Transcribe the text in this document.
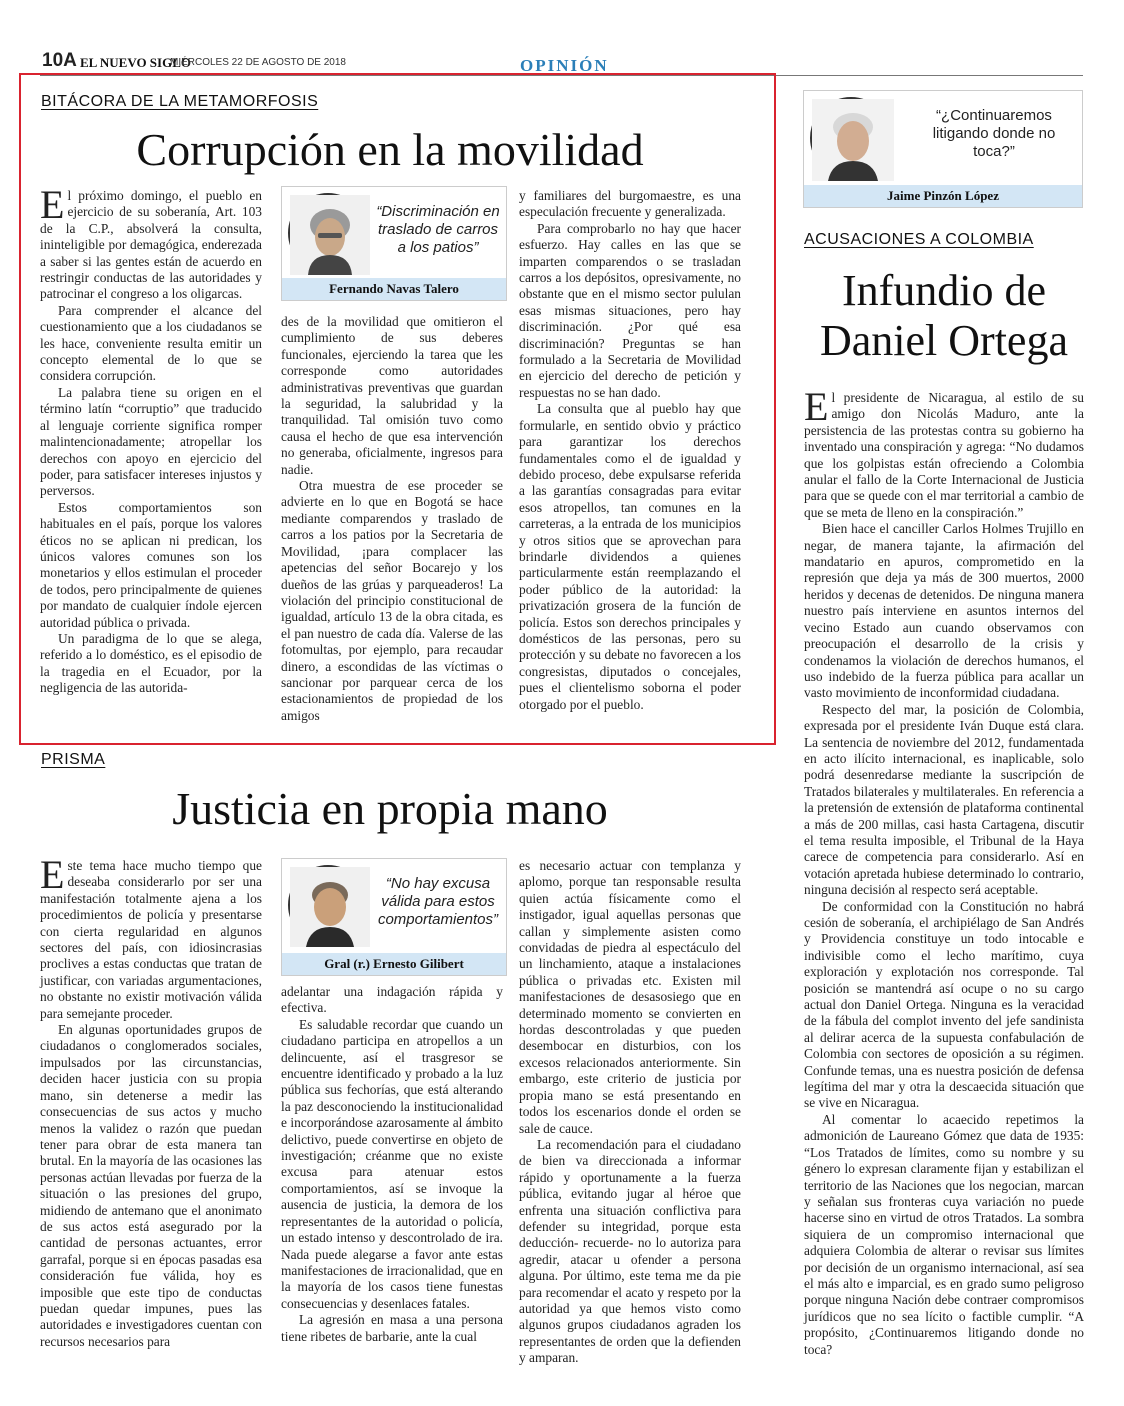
10A EL NUEVO SIGLO
MIÉRCOLES 22 DE AGOSTO DE 2018	OPINIÓN
BITÁCORA DE LA METAMORFOSIS
Corrupción en la movilidad

El próximo domingo, el pueblo en ejercicio de su soberanía, Art. 103 de la C.P., absolverá la consulta, ininteligible por demagógica, enderezada a saber si las gentes están de acuerdo en restringir conductas de las autoridades y patrocinar el congreso a los oligarcas.

Para comprender el alcance del cuestionamiento que a los ciudadanos se les hace, conveniente resulta emitir un concepto elemental de lo que se considera corrupción.

La palabra tiene su origen en el término latín “corruptio” que traducido al lenguaje corriente significa romper malintencionadamente; atropellar los derechos con apoyo en ejercicio del poder, para satisfacer intereses injustos y perversos.

Estos comportamientos son habituales en el país, porque los valores éticos no se aplican ni predican, los únicos valores comunes son los monetarios y ellos estimulan el proceder de todos, pero principalmente de quienes por mandato de cualquier índole ejercen autoridad pública o privada.

Un paradigma de lo que se alega, referido a lo doméstico, es el episodio de la tragedia en el Ecuador, por la negligencia de las autorida-

“Discriminación en traslado de carros a los patios”
Fernando Navas Talero

des de la movilidad que omitieron el cumplimiento de sus deberes funcionales, ejerciendo la tarea que les corresponde como autoridades administrativas preventivas que guardan la seguridad, la salubridad y la tranquilidad. Tal omisión tuvo como causa el hecho de que esa intervención no generaba, oficialmente, ingresos para nadie.

Otra muestra de ese proceder se advierte en lo que en Bogotá se hace mediante comparendos y traslado de carros a los patios por la Secretaria de Movilidad, ¡para complacer las apetencias del señor Bocarejo y los dueños de las grúas y parqueaderos! La violación del principio constitucional de igualdad, artículo 13 de la obra citada, es el pan nuestro de cada día. Valerse de las fotomultas, por ejemplo, para recaudar dinero, a escondidas de las víctimas o sancionar por parquear cerca de los estacionamientos de propiedad de los amigos

y familiares del burgomaestre, es una especulación frecuente y generalizada.

Para comprobarlo no hay que hacer esfuerzo. Hay calles en las que se imparten comparendos o se trasladan carros a los depósitos, opresivamente, no obstante que en el mismo sector pululan esas mismas situaciones, pero hay discriminación. ¿Por qué esa discriminación? Preguntas se han formulado a la Secretaria de Movilidad en ejercicio del derecho de petición y respuestas no se han dado.

La consulta que al pueblo hay que formularle, en sentido obvio y práctico para garantizar los derechos fundamentales como el de igualdad y debido proceso, debe expulsarse referida a las garantías consagradas para evitar esos atropellos, tan comunes en la carreteras, a la entrada de los municipios y otros sitios que se aprovechan para brindarle dividendos a quienes particularmente están reemplazando el poder público de la autoridad: la privatización grosera de la función de policía. Estos son derechos principales y domésticos de las personas, pero su protección y su debate no favorecen a los congresistas, diputados o concejales, pues el clientelismo soborna el poder otorgado por el pueblo.

“¿Continuaremos litigando donde no toca?”
Jaime Pinzón López
ACUSACIONES A COLOMBIA
Infundio de Daniel Ortega

El presidente de Nicaragua, al estilo de su amigo don Nicolás Maduro, ante la persistencia de las protestas contra su gobierno ha inventado una conspiración y agrega: “No dudamos que los golpistas están ofreciendo a Colombia anular el fallo de la Corte Internacional de Justicia para que se quede con el mar territorial a cambio de que se meta de lleno en la conspiración.”

Bien hace el canciller Carlos Holmes Trujillo en negar, de manera tajante, la afirmación del mandatario en apuros, comprometido en la represión que deja ya más de 300 muertos, 2000 heridos y decenas de detenidos. De ninguna manera nuestro país interviene en asuntos internos del vecino Estado aun cuando observamos con preocupación el desarrollo de la crisis y condenamos la violación de derechos humanos, el uso indebido de la fuerza pública para acallar un vasto movimiento de inconformidad ciudadana.

Respecto del mar, la posición de Colombia, expresada por el presidente Iván Duque está clara. La sentencia de noviembre del 2012, fundamentada en acto ilícito internacional, es inaplicable, solo podrá desenredarse mediante la suscripción de Tratados bilaterales y multilaterales. En referencia a la pretensión de extensión de plataforma continental a más de 200 millas, casi hasta Cartagena, discutir el tema resulta imposible, el Tribunal de la Haya carece de competencia para considerarlo. Así en votación apretada hubiese determinado lo contrario, ninguna decisión al respecto será aceptable.

De conformidad con la Constitución no habrá cesión de soberanía, el archipiélago de San Andrés y Providencia constituye un todo intocable e indivisible como el lecho marítimo, cuya exploración y explotación nos corresponde. Tal posición se mantendrá así ocupe o no su cargo actual don Daniel Ortega. Ninguna es la veracidad de la fábula del complot invento del jefe sandinista al delirar acerca de la supuesta confabulación de Colombia con sectores de oposición a su régimen. Confunde temas, una es nuestra posición de defensa legítima del mar y otra la descaecida situación que se vive en Nicaragua.

Al comentar lo acaecido repetimos la admonición de Laureano Gómez que data de 1935: “Los Tratados de límites, como su nombre y su género lo expresan claramente fijan y estabilizan el territorio de las Naciones que los negocian, marcan y señalan sus fronteras cuya variación no puede hacerse sino en virtud de otros Tratados. La sombra siquiera de un compromiso internacional que adquiera Colombia de alterar o revisar sus límites por decisión de un organismo internacional, así sea el más alto e imparcial, es en grado sumo peligroso porque ninguna Nación debe contraer compromisos jurídicos que no sea lícito o factible cumplir. “A propósito, ¿Continuaremos litigando donde no toca?

PRISMA
Justicia en propia mano

Este tema hace mucho tiempo que deseaba considerarlo por ser una manifestación totalmente ajena a los procedimientos de policía y presentarse con cierta regularidad en algunos sectores del país, con idiosincrasias proclives a estas conductas que tratan de justificar, con variadas argumentaciones, no obstante no existir motivación válida para semejante proceder.

En algunas oportunidades grupos de ciudadanos o conglomerados sociales, impulsados por las circunstancias, deciden hacer justicia con su propia mano, sin detenerse a medir las consecuencias de sus actos y mucho menos la validez o razón que puedan tener para obrar de esta manera tan brutal. En la mayoría de las ocasiones las personas actúan llevadas por fuerza de la situación o las presiones del grupo, midiendo de antemano que el anonimato de sus actos está asegurado por la cantidad de personas actuantes, error garrafal, porque si en épocas pasadas esa consideración fue válida, hoy es imposible que este tipo de conductas puedan quedar impunes, pues las autoridades e investigadores cuentan con recursos necesarios para

“No hay excusa válida para estos comportamientos”
Gral (r.) Ernesto Gilibert

adelantar una indagación rápida y efectiva.

Es saludable recordar que cuando un ciudadano participa en atropellos a un delincuente, así el trasgresor se encuentre identificado y probado a la luz pública sus fechorías, que está alterando la paz desconociendo la institucionalidad e incorporándose azarosamente al ámbito delictivo, puede convertirse en objeto de investigación; créanme que no existe excusa para atenuar estos comportamientos, así se invoque la ausencia de justicia, la demora de los representantes de la autoridad o policía, un estado intenso y descontrolado de ira. Nada puede alegarse a favor ante estas manifestaciones de irracionalidad, que en la mayoría de los casos tiene funestas consecuencias y desenlaces fatales.

La agresión en masa a una persona tiene ribetes de barbarie, ante la cual

es necesario actuar con templanza y aplomo, porque tan responsable resulta quien actúa físicamente como el instigador, igual aquellas personas que callan y simplemente asisten como convidadas de piedra al espectáculo del un linchamiento, ataque a instalaciones pública o privadas etc. Existen mil manifestaciones de desasosiego que en determinado momento se convierten en hordas descontroladas y que pueden desembocar en disturbios, con los excesos relacionados anteriormente. Sin embargo, este criterio de justicia por propia mano se está presentando en todos los escenarios donde el orden se sale de cauce.

La recomendación para el ciudadano de bien va direccionada a informar rápido y oportunamente a la fuerza pública, evitando jugar al héroe que enfrenta una situación conflictiva para defender su integridad, porque esta deducción- recuerde- no lo autoriza para agredir, atacar u ofender a persona alguna. Por último, este tema me da pie para recomendar el acato y respeto por la autoridad ya que hemos visto como algunos grupos ciudadanos agraden los representantes de orden que la defienden y amparan.
